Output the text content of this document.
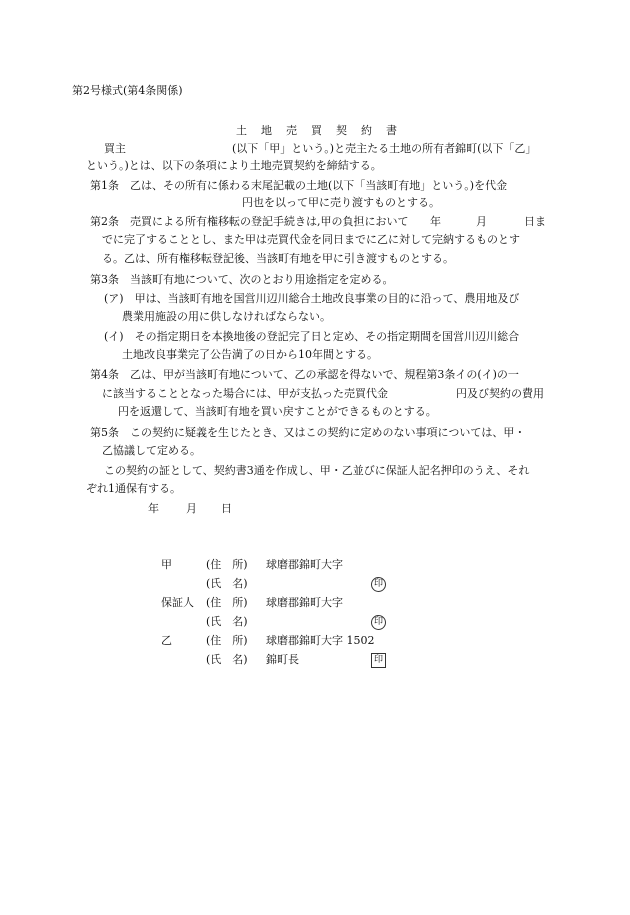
第2号様式(第4条関係)
土 地 売 買 契 約 書
買主	(以下「甲」という。)と売主たる土地の所有者錦町(以下「乙」
という。)とは、以下の条項により土地売買契約を締結する。
第1条　乙は、その所有に係わる末尾記載の土地(以下「当該町有地」という。)を代金
円也を以って甲に売り渡すものとする。
第2条　売買による所有権移転の登記手続きは,甲の負担において 年	月	日ま
でに完了することとし、また甲は売買代金を同日までに乙に対して完納するものとす
る。乙は、所有権移転登記後、当該町有地を甲に引き渡すものとする。
第3条　当該町有地について、次のとおり用途指定を定める。
(ア)　甲は、当該町有地を国営川辺川総合土地改良事業の目的に沿って、農用地及び
農業用施設の用に供しなければならない。
(イ)　その指定期日を本換地後の登記完了日と定め、その指定期間を国営川辺川総合
土地改良事業完了公告満了の日から10年間とする。
第4条　乙は、甲が当該町有地について、乙の承認を得ないで、規程第3条イの(イ)の一
に該当することとなった場合には、甲が支払った売買代金	円及び契約の費用
円を返還して、当該町有地を買い戻すことができるものとする。
第5条　この契約に疑義を生じたとき、又はこの契約に定めのない事項については、甲・
乙協議して定める。
この契約の証として、契約書3通を作成し、甲・乙並びに保証人記名押印のうえ、それ
ぞれ1通保有する。
年 月 日
甲	(住　所) 球磨郡錦町大字
(氏　名)	印
保証人 (住　所) 球磨郡錦町大字
(氏　名)	印
乙	(住　所) 球磨郡錦町大字 1502
(氏　名) 錦町長	印
